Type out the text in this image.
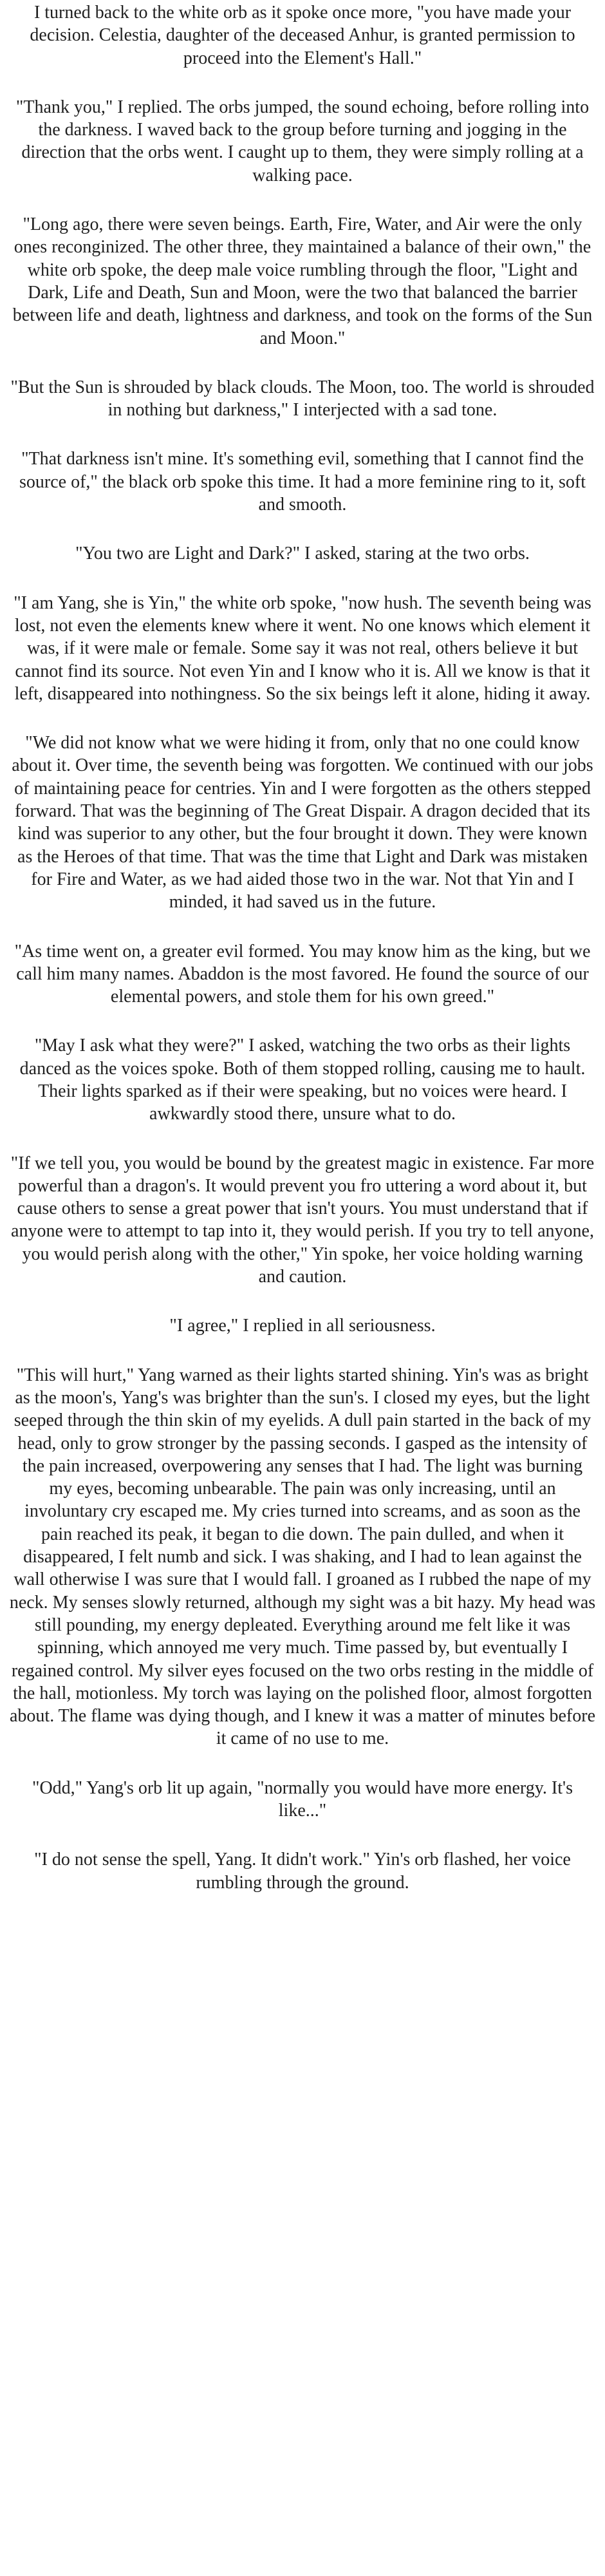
I turned back to the white orb as it spoke once more, "you have made your decision. Celestia, daughter of the deceased Anhur, is granted permission to proceed into the Element's Hall."

"Thank you," I replied. The orbs jumped, the sound echoing, before rolling into the darkness. I waved back to the group before turning and jogging in the direction that the orbs went. I caught up to them, they were simply rolling at a walking pace.

"Long ago, there were seven beings. Earth, Fire, Water, and Air were the only ones reconginized. The other three, they maintained a balance of their own," the white orb spoke, the deep male voice rumbling through the floor, "Light and Dark, Life and Death, Sun and Moon, were the two that balanced the barrier between life and death, lightness and darkness, and took on the forms of the Sun and Moon."

"But the Sun is shrouded by black clouds. The Moon, too. The world is shrouded in nothing but darkness," I interjected with a sad tone.

"That darkness isn't mine. It's something evil, something that I cannot find the source of," the black orb spoke this time. It had a more feminine ring to it, soft and smooth.

"You two are Light and Dark?" I asked, staring at the two orbs.

"I am Yang, she is Yin," the white orb spoke, "now hush. The seventh being was lost, not even the elements knew where it went. No one knows which element it was, if it were male or female. Some say it was not real, others believe it but cannot find its source. Not even Yin and I know who it is. All we know is that it left, disappeared into nothingness. So the six beings left it alone, hiding it away.

"We did not know what we were hiding it from, only that no one could know about it. Over time, the seventh being was forgotten. We continued with our jobs of maintaining peace for centries. Yin and I were forgotten as the others stepped forward. That was the beginning of The Great Dispair. A dragon decided that its kind was superior to any other, but the four brought it down. They were known as the Heroes of that time. That was the time that Light and Dark was mistaken for Fire and Water, as we had aided those two in the war. Not that Yin and I minded, it had saved us in the future.

"As time went on, a greater evil formed. You may know him as the king, but we call him many names. Abaddon is the most favored. He found the source of our elemental powers, and stole them for his own greed."

"May I ask what they were?" I asked, watching the two orbs as their lights danced as the voices spoke. Both of them stopped rolling, causing me to hault. Their lights sparked as if their were speaking, but no voices were heard. I awkwardly stood there, unsure what to do.

"If we tell you, you would be bound by the greatest magic in existence. Far more powerful than a dragon's. It would prevent you fro uttering a word about it, but cause others to sense a great power that isn't yours. You must understand that if anyone were to attempt to tap into it, they would perish. If you try to tell anyone, you would perish along with the other," Yin spoke, her voice holding warning and caution.

"I agree," I replied in all seriousness.

"This will hurt," Yang warned as their lights started shining. Yin's was as bright as the moon's, Yang's was brighter than the sun's. I closed my eyes, but the light seeped through the thin skin of my eyelids. A dull pain started in the back of my head, only to grow stronger by the passing seconds. I gasped as the intensity of the pain increased, overpowering any senses that I had. The light was burning my eyes, becoming unbearable. The pain was only increasing, until an involuntary cry escaped me. My cries turned into screams, and as soon as the pain reached its peak, it began to die down. The pain dulled, and when it disappeared, I felt numb and sick. I was shaking, and I had to lean against the wall otherwise I was sure that I would fall. I groaned as I rubbed the nape of my neck. My senses slowly returned, although my sight was a bit hazy. My head was still pounding, my energy depleated. Everything around me felt like it was spinning, which annoyed me very much. Time passed by, but eventually I regained control. My silver eyes focused on the two orbs resting in the middle of the hall, motionless. My torch was laying on the polished floor, almost forgotten about. The flame was dying though, and I knew it was a matter of minutes before it came of no use to me.

"Odd," Yang's orb lit up again, "normally you would have more energy. It's like..."

"I do not sense the spell, Yang. It didn't work." Yin's orb flashed, her voice rumbling through the ground.
